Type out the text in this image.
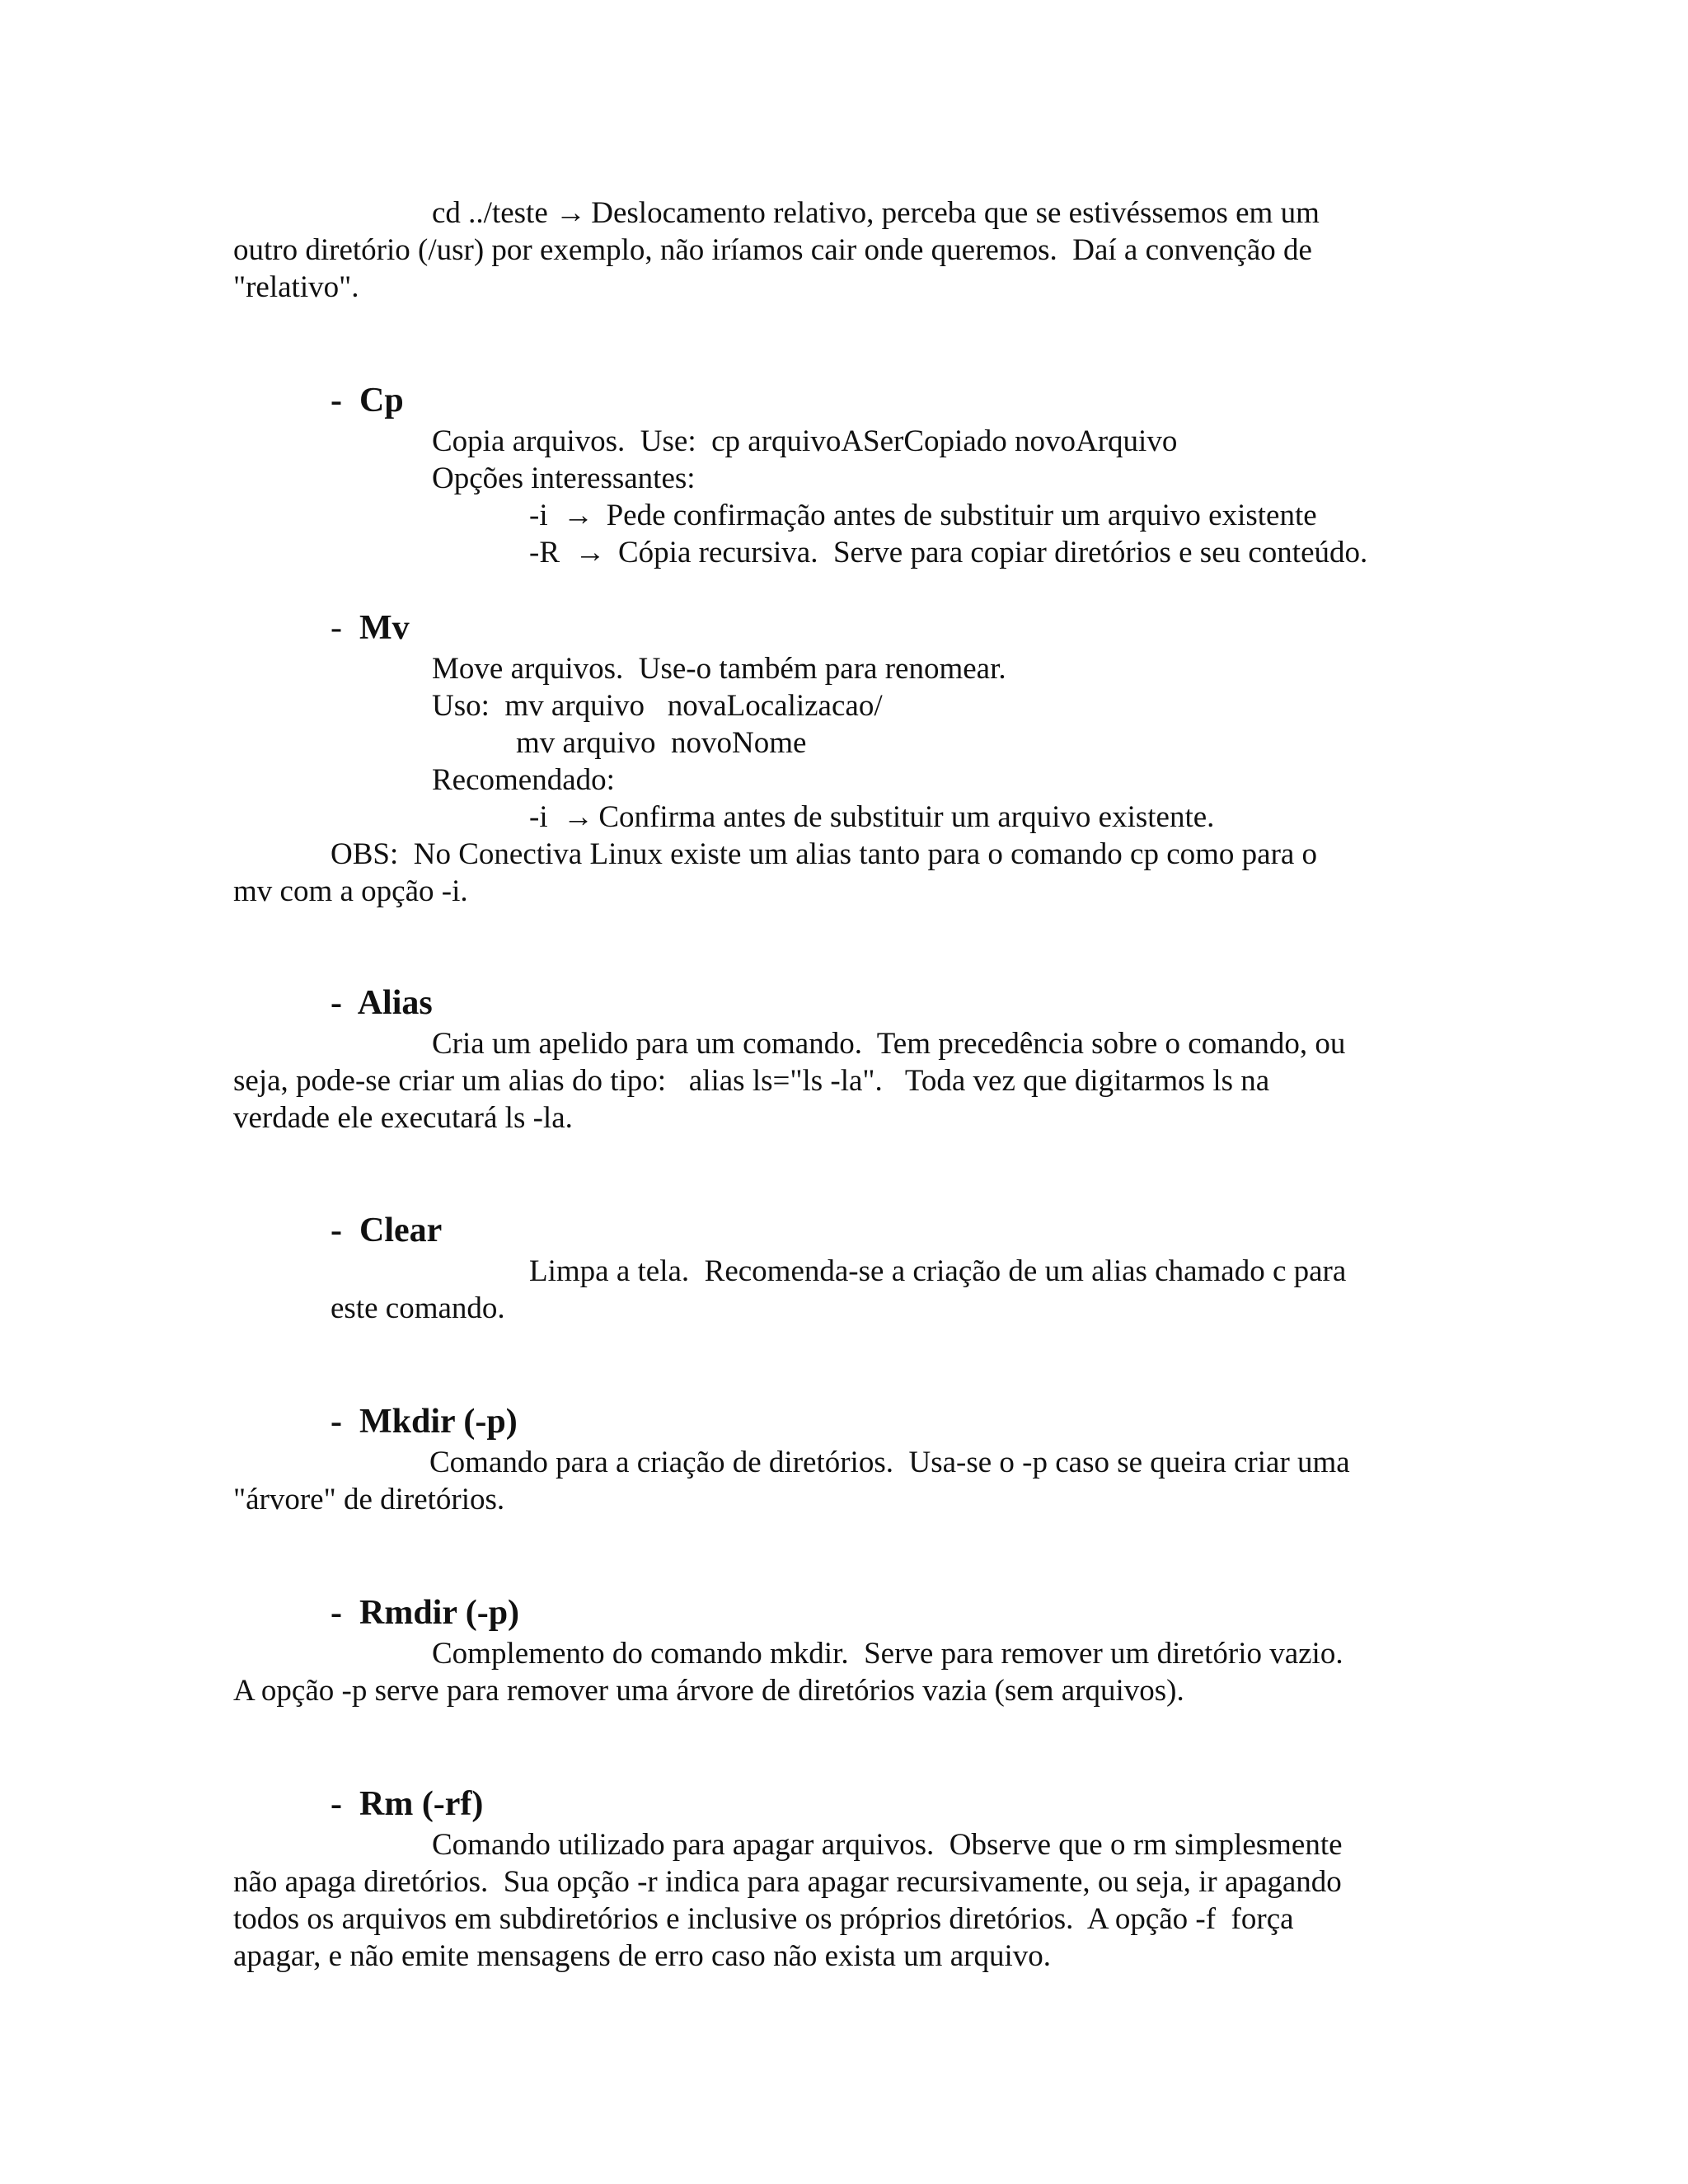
cd ../teste → Deslocamento relativo, perceba que se estivéssemos em um
outro diretório (/usr) por exemplo, não iríamos cair onde queremos.  Daí a convenção de
"relativo".
- Cp
Copia arquivos.  Use:  cp arquivoASerCopiado novoArquivo
Opções interessantes:
-i → Pede confirmação antes de substituir um arquivo existente
-R → Cópia recursiva.  Serve para copiar diretórios e seu conteúdo.
- Mv
Move arquivos.  Use-o também para renomear.
Uso:  mv arquivo   novaLocalizacao/
mv arquivo  novoNome
Recomendado:
-i → Confirma antes de substituir um arquivo existente.
OBS:  No Conectiva Linux existe um alias tanto para o comando cp como para o
mv com a opção -i.
- Alias
Cria um apelido para um comando.  Tem precedência sobre o comando, ou
seja, pode-se criar um alias do tipo:   alias ls="ls -la".   Toda vez que digitarmos ls na
verdade ele executará ls -la.
- Clear
Limpa a tela.  Recomenda-se a criação de um alias chamado c para
este comando.
- Mkdir (-p)
Comando para a criação de diretórios.  Usa-se o -p caso se queira criar uma
"árvore" de diretórios.
- Rmdir (-p)
Complemento do comando mkdir.  Serve para remover um diretório vazio.
A opção -p serve para remover uma árvore de diretórios vazia (sem arquivos).
- Rm (-rf)
Comando utilizado para apagar arquivos.  Observe que o rm simplesmente
não apaga diretórios.  Sua opção -r indica para apagar recursivamente, ou seja, ir apagando
todos os arquivos em subdiretórios e inclusive os próprios diretórios.  A opção -f  força
apagar, e não emite mensagens de erro caso não exista um arquivo.
